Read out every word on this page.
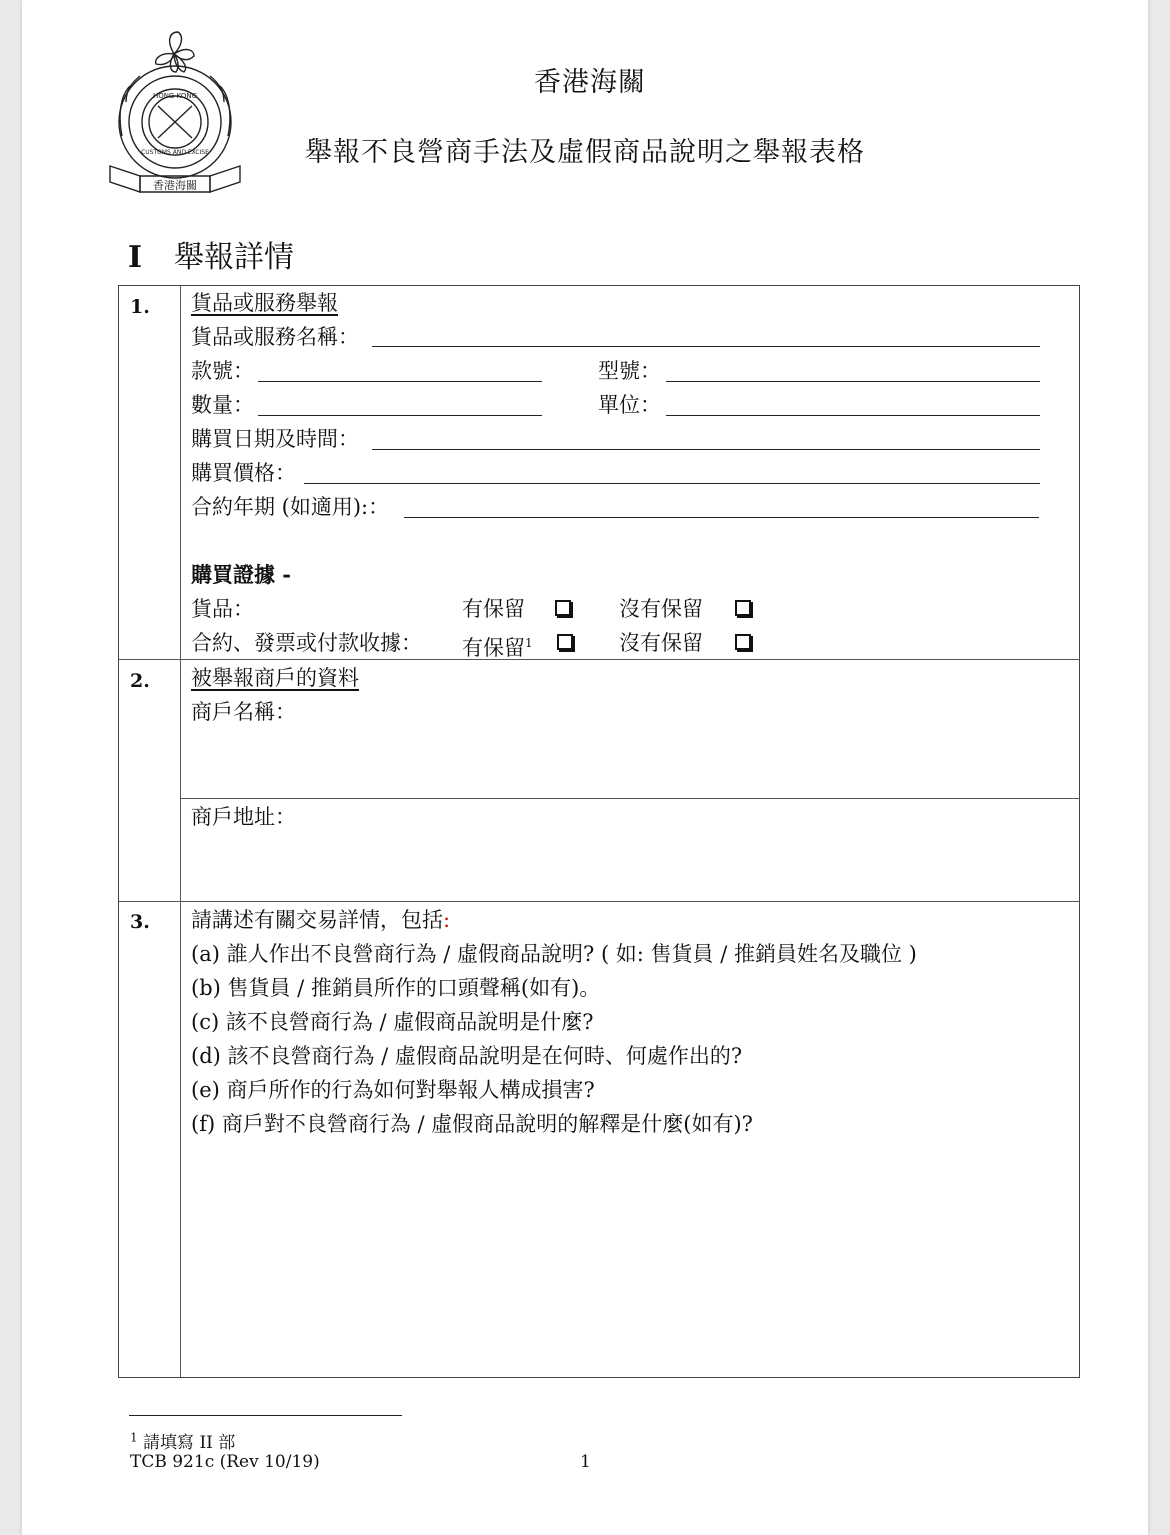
香港海關
HONG KONG
CUSTOMS AND EXCISE
香港海關
舉報不良營商手法及虛假商品說明之舉報表格
I 舉報詳情
1. 貨品或服務舉報
貨品或服務名稱：
款號：	型號：
數量：	單位：
購買日期及時間：
購買價格：
合約年期 (如適用):：
購買證據 -
貨品：	有保留	沒有保留
合約、發票或付款收據： 有保留$^1$	沒有保留
2. 被舉報商戶的資料
商戶名稱：
商戶地址：
3. 請講述有關交易詳情，包括:
(a) 誰人作出不良營商行為 / 虛假商品說明? ( 如: 售貨員 / 推銷員姓名及職位 )
(b) 售貨員 / 推銷員所作的口頭聲稱(如有)。
(c) 該不良營商行為 / 虛假商品說明是什麼?
(d) 該不良營商行為 / 虛假商品說明是在何時、何處作出的?
(e) 商戶所作的行為如何對舉報人構成損害?
(f) 商戶對不良營商行為 / 虛假商品說明的解釋是什麼(如有)?
$^1$ 請填寫 II 部
TCB 921c (Rev 10/19)	1
